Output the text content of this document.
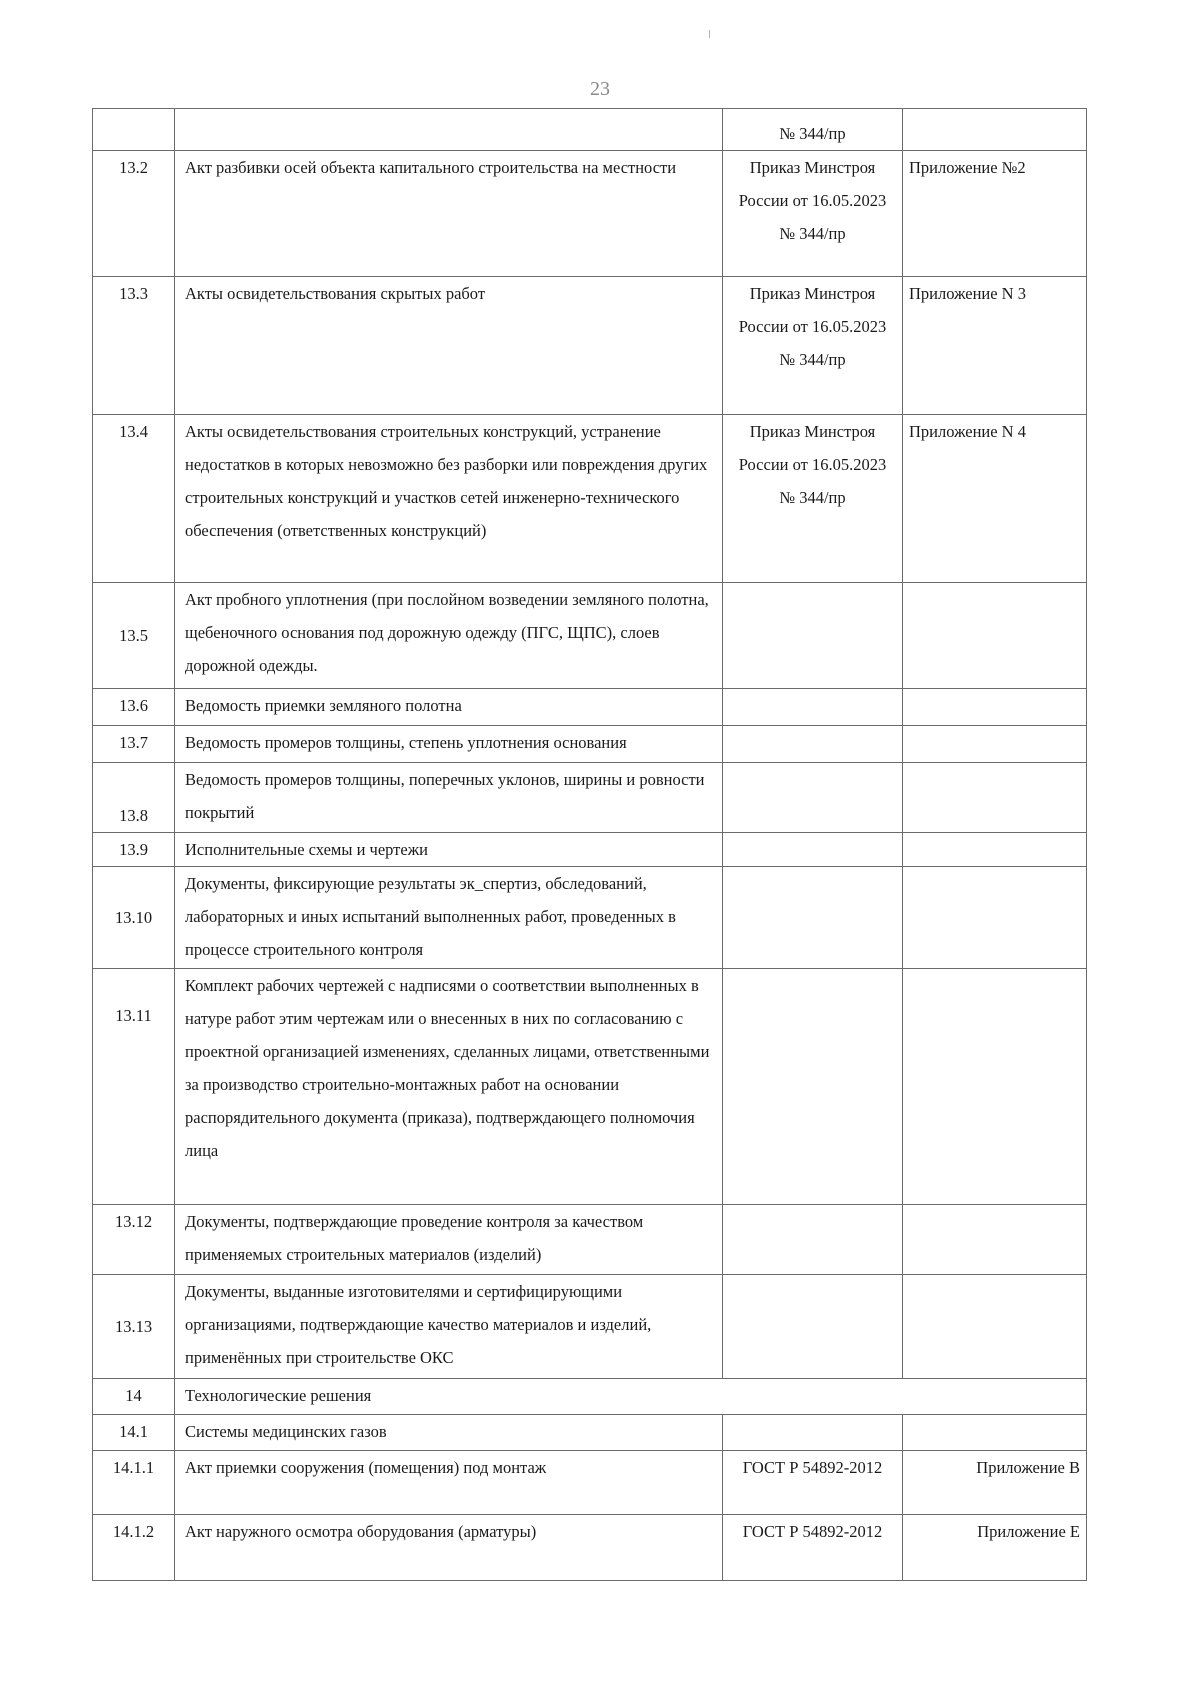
23

		№ 344/пр	

13.2	Акт разбивки осей объекта капитального строительства на местности	Приказ Минстроя России от 16.05.2023 № 344/пр	Приложение №2
13.3	Акты освидетельствования скрытых работ	Приказ Минстроя России от 16.05.2023 № 344/пр	Приложение N 3
13.4	Акты освидетельствования строительных конструкций, устранение недостатков в которых невозможно без разборки или повреждения других строительных конструкций и участков сетей инженерно-технического обеспечения (ответственных конструкций)	Приказ Минстроя России от 16.05.2023 № 344/пр	Приложение N 4
13.5	Акт пробного уплотнения (при послойном возведении земляного полотна, щебеночного основания под дорожную одежду (ПГС, ЩПС), слоев дорожной одежды.		
13.6	Ведомость приемки земляного полотна		
13.7	Ведомость промеров толщины, степень уплотнения основания		
13.8	Ведомость промеров толщины, поперечных уклонов, ширины и ровности покрытий		
13.9	Исполнительные схемы и чертежи		
13.10	Документы, фиксирующие результаты эк_спертиз, обследований, лабораторных и иных испытаний выполненных работ, проведенных в процессе строительного контроля		
13.11	Комплект рабочих чертежей с надписями о соответствии выполненных в натуре работ этим чертежам или о внесенных в них по согласованию с проектной организацией изменениях, сделанных лицами, ответственными за производство строительно-монтажных работ на основании распорядительного документа (приказа), подтверждающего полномочия лица		
13.12	Документы, подтверждающие проведение контроля за качеством применяемых строительных материалов (изделий)		
13.13	Документы, выданные изготовителями и сертифицирующими организациями, подтверждающие качество материалов и изделий, применённых при строительстве ОКС		
14	Технологические решения		
14.1	Системы медицинских газов		
14.1.1	Акт приемки сооружения (помещения) под монтаж	ГОСТ Р 54892-2012	Приложение В
14.1.2	Акт наружного осмотра оборудования (арматуры)	ГОСТ Р 54892-2012	Приложение Е
